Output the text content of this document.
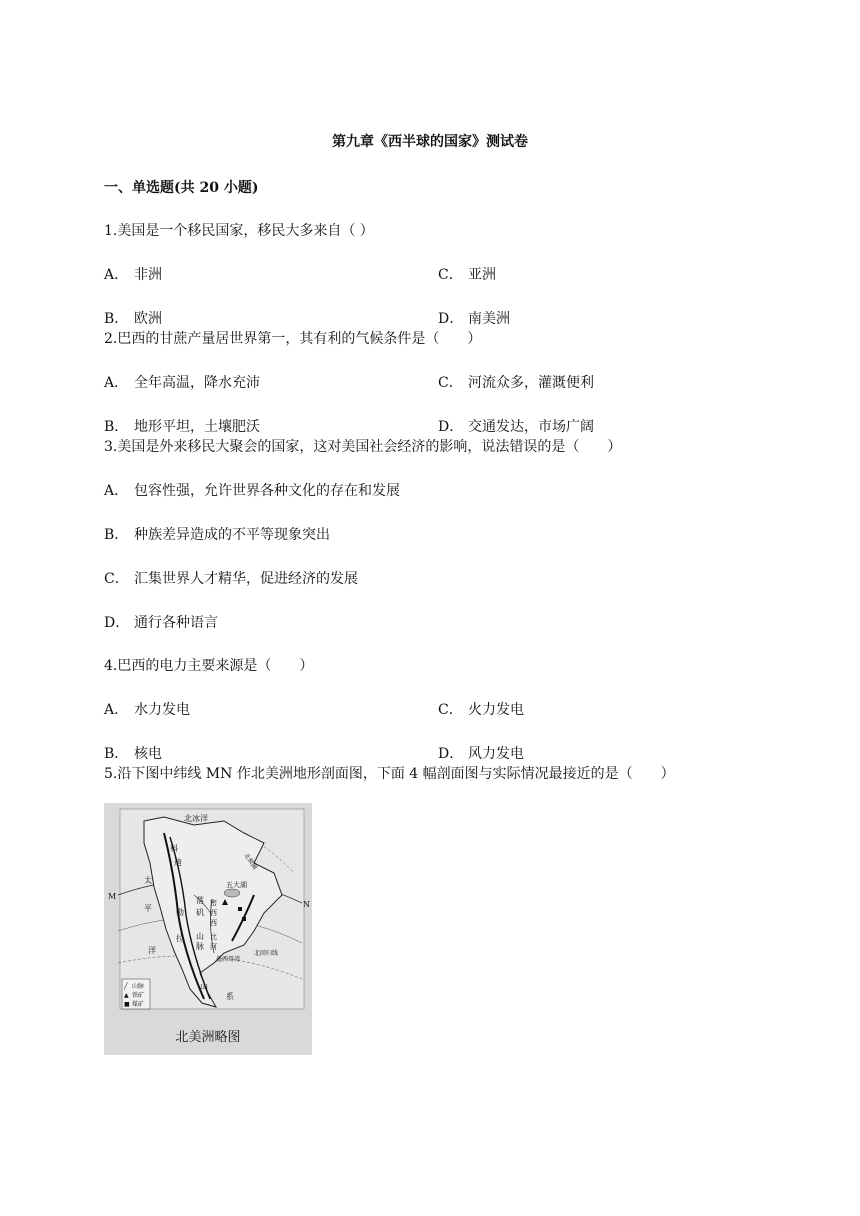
第九章《西半球的国家》测试卷
一、单选题(共 20 小题)
1.美国是一个移民国家，移民大多来自（ ）
A． 非洲	C． 亚洲
B． 欧洲	D． 南美洲
2.巴西的甘蔗产量居世界第一，其有利的气候条件是（　　）
A． 全年高温，降水充沛	C． 河流众多，灌溉便利
B． 地形平坦，土壤肥沃	D． 交通发达，市场广阔
3.美国是外来移民大聚会的国家，这对美国社会经济的影响，说法错误的是（　　）
A． 包容性强，允许世界各种文化的存在和发展
B． 种族差异造成的不平等现象突出
C． 汇集世界人才精华，促进经济的发展
D． 通行各种语言
4.巴西的电力主要来源是（　　）
A． 水力发电	C． 火力发电
B． 核电	D． 风力发电
5.沿下图中纬线 MN 作北美洲地形剖面图，下面 4 幅剖面图与实际情况最接近的是（　　）
北冰洋
M
N
太
平
洋
科
迪
勒
拉
山
系
落
矶
山
脉
密
西
西
比
河
五大湖
墨西哥湾
北回归线
北极圈
╱ 山脉
▲ 铁矿
■ 煤矿
北美洲略图
